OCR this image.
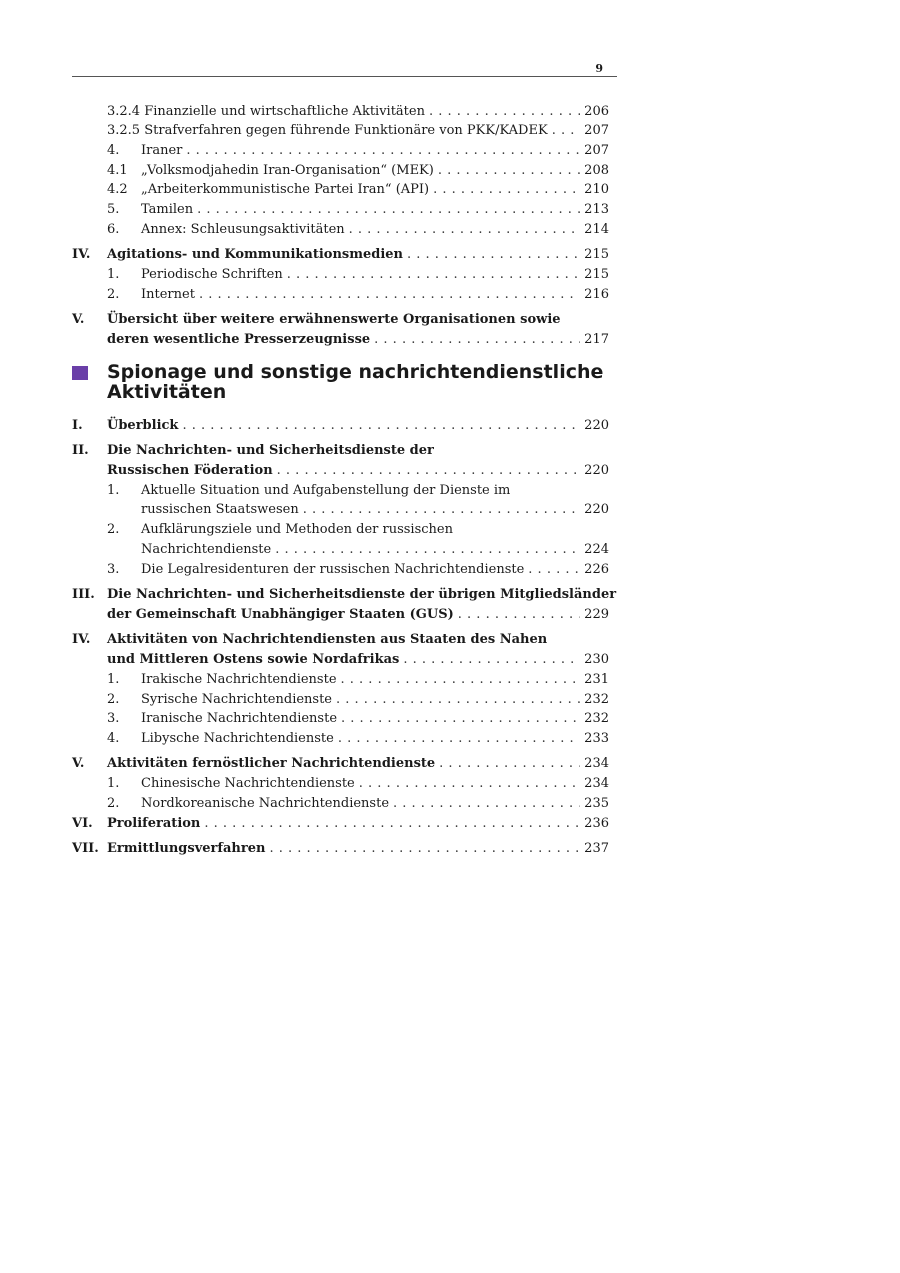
9
3.2.4 Finanzielle und wirtschaftliche Aktivitäten . . .	206
3.2.5 Strafverfahren gegen führende Funktionäre von PKK/KADEK . . .	207
4. Iraner . . .	207
4.1 „Volksmodjahedin Iran-Organisation“ (MEK) . . .	208
4.2 „Arbeiterkommunistische Partei Iran“ (API) . . .	210
5. Tamilen . . .	213
6. Annex: Schleusungsaktivitäten . . .	214
IV. Agitations- und Kommunikationsmedien . . .	215
1. Periodische Schriften . . .	215
2. Internet . . .	216
V. Übersicht über weitere erwähnenswerte Organisationen sowie
deren wesentliche Presserzeugnisse . . .	217
Spionage und sonstige nachrichtendienstliche
Aktivitäten
I. Überblick . . .	220
II. Die Nachrichten- und Sicherheitsdienste der
Russischen Föderation . . .	220
1. Aktuelle Situation und Aufgabenstellung der Dienste im
russischen Staatswesen . . .	220
2. Aufklärungsziele und Methoden der russischen
Nachrichtendienste . . .	224
3. Die Legalresidenturen der russischen Nachrichtendienste . . .	226
III. Die Nachrichten- und Sicherheitsdienste der übrigen Mitgliedsländer
der Gemeinschaft Unabhängiger Staaten (GUS) . . .	229
IV. Aktivitäten von Nachrichtendiensten aus Staaten des Nahen
und Mittleren Ostens sowie Nordafrikas . . .	230
1. Irakische Nachrichtendienste . . .	231
2. Syrische Nachrichtendienste . . .	232
3. Iranische Nachrichtendienste . . .	232
4. Libysche Nachrichtendienste . . .	233
V. Aktivitäten fernöstlicher Nachrichtendienste . . .	234
1. Chinesische Nachrichtendienste . . .	234
2. Nordkoreanische Nachrichtendienste . . .	235
VI. Proliferation . . .	236
VII. Ermittlungsverfahren . . .	237
